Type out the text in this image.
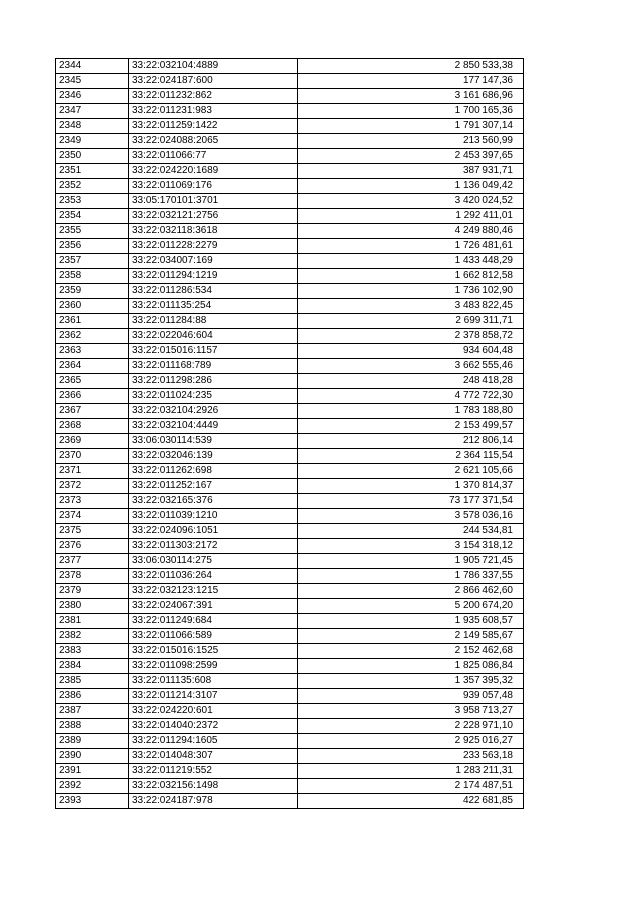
2344	33:22:032104:4889	2 850 533,38
2345	33:22:024187:600	177 147,36
2346	33:22:011232:862	3 161 686,96
2347	33:22:011231:983	1 700 165,36
2348	33:22:011259:1422	1 791 307,14
2349	33:22:024088:2065	213 560,99
2350	33:22:011066:77	2 453 397,65
2351	33:22:024220:1689	387 931,71
2352	33:22:011069:176	1 136 049,42
2353	33:05:170101:3701	3 420 024,52
2354	33:22:032121:2756	1 292 411,01
2355	33:22:032118:3618	4 249 880,46
2356	33:22:011228:2279	1 726 481,61
2357	33:22:034007:169	1 433 448,29
2358	33:22:011294:1219	1 662 812,58
2359	33:22:011286:534	1 736 102,90
2360	33:22:011135:254	3 483 822,45
2361	33:22:011284:88	2 699 311,71
2362	33:22:022046:604	2 378 858,72
2363	33:22:015016:1157	934 604,48
2364	33:22:011168:789	3 662 555,46
2365	33:22:011298:286	248 418,28
2366	33:22:011024:235	4 772 722,30
2367	33:22:032104:2926	1 783 188,80
2368	33:22:032104:4449	2 153 499,57
2369	33:06:030114:539	212 806,14
2370	33:22:032046:139	2 364 115,54
2371	33:22:011262:698	2 621 105,66
2372	33:22:011252:167	1 370 814,37
2373	33:22:032165:376	73 177 371,54
2374	33:22:011039:1210	3 578 036,16
2375	33:22:024096:1051	244 534,81
2376	33:22:011303:2172	3 154 318,12
2377	33:06:030114:275	1 905 721,45
2378	33:22:011036:264	1 786 337,55
2379	33:22:032123:1215	2 866 462,60
2380	33:22:024067:391	5 200 674,20
2381	33:22:011249:684	1 935 608,57
2382	33:22:011066:589	2 149 585,67
2383	33:22:015016:1525	2 152 462,68
2384	33:22:011098:2599	1 825 086,84
2385	33:22:011135:608	1 357 395,32
2386	33:22:011214:3107	939 057,48
2387	33:22:024220:601	3 958 713,27
2388	33:22:014040:2372	2 228 971,10
2389	33:22:011294:1605	2 925 016,27
2390	33:22:014048:307	233 563,18
2391	33:22:011219:552	1 283 211,31
2392	33:22:032156:1498	2 174 487,51
2393	33:22:024187:978	422 681,85
